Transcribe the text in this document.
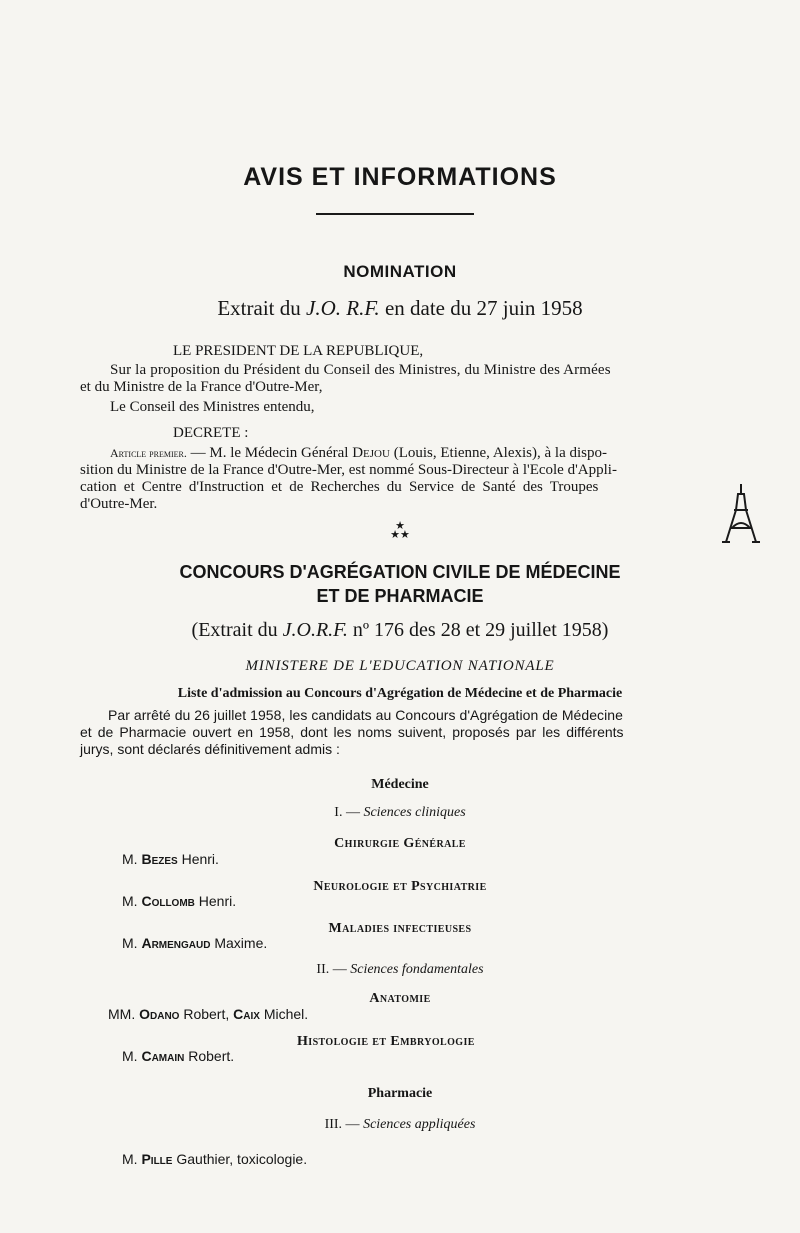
AVIS ET INFORMATIONS
NOMINATION
Extrait du J.O. R.F. en date du 27 juin 1958
LE PRESIDENT DE LA REPUBLIQUE,
Sur la proposition du Président du Conseil des Ministres, du Ministre des Armées
et du Ministre de la France d'Outre-Mer,
Le Conseil des Ministres entendu,
DECRETE :
Article premier. — M. le Médecin Général Dejou (Louis, Etienne, Alexis), à la dispo-
sition du Ministre de la France d'Outre-Mer, est nommé Sous-Directeur à l'Ecole d'Appli-
cation et Centre d'Instruction et de Recherches du Service de Santé des Troupes
d'Outre-Mer.
★
★★
CONCOURS D'AGRÉGATION CIVILE DE MÉDECINE
ET DE PHARMACIE
(Extrait du J.O.R.F. nº 176 des 28 et 29 juillet 1958)
MINISTERE DE L'EDUCATION NATIONALE
Liste d'admission au Concours d'Agrégation de Médecine et de Pharmacie
Par arrêté du 26 juillet 1958, les candidats au Concours d'Agrégation de Médecine
et de Pharmacie ouvert en 1958, dont les noms suivent, proposés par les différents
jurys, sont déclarés définitivement admis :
Médecine
I. — Sciences cliniques
Chirurgie Générale
M. Bezes Henri.
Neurologie et Psychiatrie
M. Collomb Henri.
Maladies infectieuses
M. Armengaud Maxime.
II. — Sciences fondamentales
Anatomie
MM. Odano Robert, Caix Michel.
Histologie et Embryologie
M. Camain Robert.
Pharmacie
III. — Sciences appliquées
M. Pille Gauthier, toxicologie.
